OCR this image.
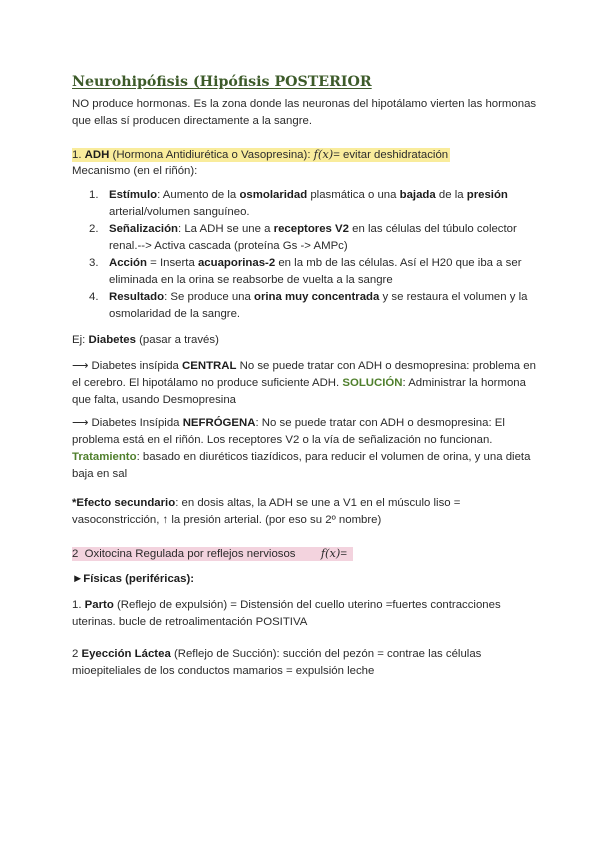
Neurohipófisis (Hipófisis POSTERIOR

NO produce hormonas. Es la zona donde las neuronas del hipotálamo vierten las hormonas que ellas sí producen directamente a la sangre.

1. ADH (Hormona Antidiurética o Vasopresina): f(x)= evitar deshidratación

Mecanismo (en el riñón):

1. Estímulo: Aumento de la osmolaridad plasmática o una bajada de la presión arterial/volumen sanguíneo.
2. Señalización: La ADH se une a receptores V2 en las células del túbulo colector renal.--> Activa cascada (proteína Gs -> AMPc)
3. Acción = Inserta acuaporinas-2 en la mb de las células. Así el H20 que iba a ser eliminada en la orina se reabsorbe de vuelta a la sangre
4. Resultado: Se produce una orina muy concentrada y se restaura el volumen y la osmolaridad de la sangre.

Ej: Diabetes (pasar a través)

⟶ Diabetes insípida CENTRAL No se puede tratar con ADH o desmopresina: problema en el cerebro. El hipotálamo no produce suficiente ADH. SOLUCIÓN: Administrar la hormona que falta, usando Desmopresina

⟶ Diabetes Insípida NEFRÓGENA: No se puede tratar con ADH o desmopresina: El problema está en el riñón. Los receptores V2 o la vía de señalización no funcionan. Tratamiento: basado en diuréticos tiazídicos, para reducir el volumen de orina, y una dieta baja en sal

*Efecto secundario: en dosis altas, la ADH se une a V1 en el músculo liso = vasoconstricción, ↑ la presión arterial. (por eso su 2º nombre)

2  Oxitocina Regulada por reflejos nerviosos        f(x)=

►Físicas (periféricas):

1. Parto (Reflejo de expulsión) = Distensión del cuello uterino =fuertes contracciones uterinas. bucle de retroalimentación POSITIVA

2 Eyección Láctea (Reflejo de Succión): succión del pezón = contrae las células mioepiteliales de los conductos mamarios = expulsión leche
